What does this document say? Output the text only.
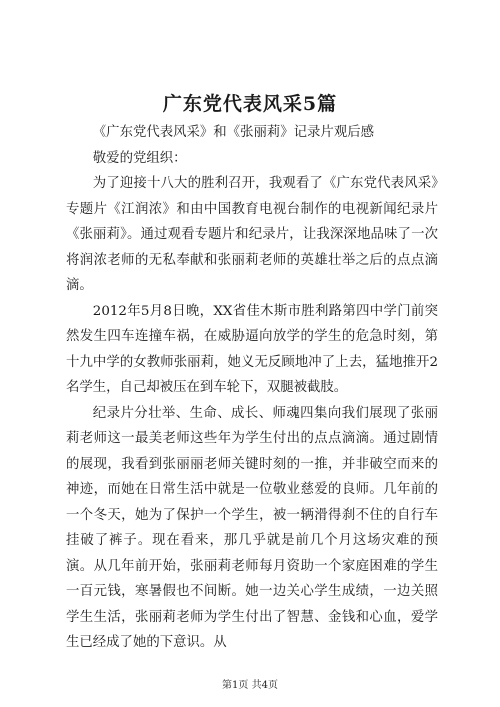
广东党代表风采5篇

《广东党代表风采》和《张丽莉》记录片观后感

敬爱的党组织：

为了迎接十八大的胜利召开，我观看了《广东党代表风采》专题片《江润浓》和由中国教育电视台制作的电视新闻纪录片《张丽莉》。通过观看专题片和纪录片，让我深深地品味了一次将润浓老师的无私奉献和张丽莉老师的英雄壮举之后的点点滴滴。

2012年5月8日晚，XX省佳木斯市胜利路第四中学门前突然发生四车连撞车祸，在威胁逼向放学的学生的危急时刻，第十九中学的女教师张丽莉，她义无反顾地冲了上去，猛地推开2名学生，自己却被压在到车轮下，双腿被截肢。

纪录片分壮举、生命、成长、师魂四集向我们展现了张丽莉老师这一最美老师这些年为学生付出的点点滴滴。通过剧情的展现，我看到张丽丽老师关键时刻的一推，并非破空而来的神迹，而她在日常生活中就是一位敬业慈爱的良师。几年前的一个冬天，她为了保护一个学生，被一辆滑得刹不住的自行车挂破了裤子。现在看来，那几乎就是前几个月这场灾难的预演。从几年前开始，张丽莉老师每月资助一个家庭困难的学生一百元钱，寒暑假也不间断。她一边关心学生成绩，一边关照学生生活，张丽莉老师为学生付出了智慧、金钱和心血，爱学生已经成了她的下意识。从

第1页 共4页
